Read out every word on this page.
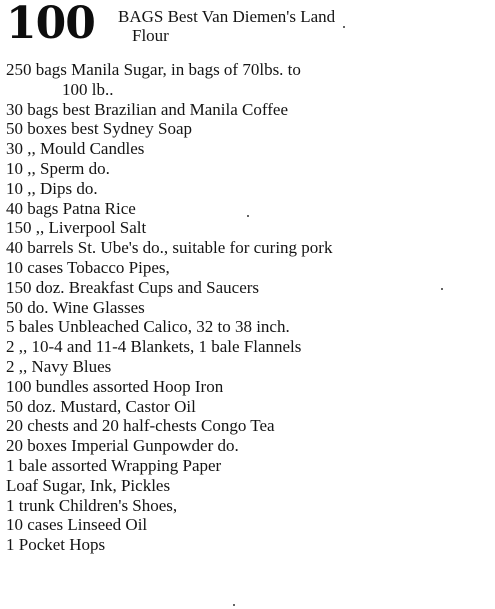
100	BAGS Best Van Diemen's Land
Flour
250 bags Manila Sugar, in bags of 70lbs. to
100 lb..
30 bags best Brazilian and Manila Coffee
50 boxes best Sydney Soap
30 ,, Mould Candles
10 ,, Sperm do.
10 ,, Dips do.
40 bags Patna Rice
150 ,, Liverpool Salt
40 barrels St. Ube's do., suitable for curing pork
10 cases Tobacco Pipes,
150 doz. Breakfast Cups and Saucers
50 do. Wine Glasses
5 bales Unbleached Calico, 32 to 38 inch.
2 ,, 10-4 and 11-4 Blankets, 1 bale Flannels
2 ,, Navy Blues
100 bundles assorted Hoop Iron
50 doz. Mustard, Castor Oil
20 chests and 20 half-chests Congo Tea
20 boxes Imperial Gunpowder do.
1 bale assorted Wrapping Paper
Loaf Sugar, Ink, Pickles
1 trunk Children's Shoes,
10 cases Linseed Oil
1 Pocket Hops
